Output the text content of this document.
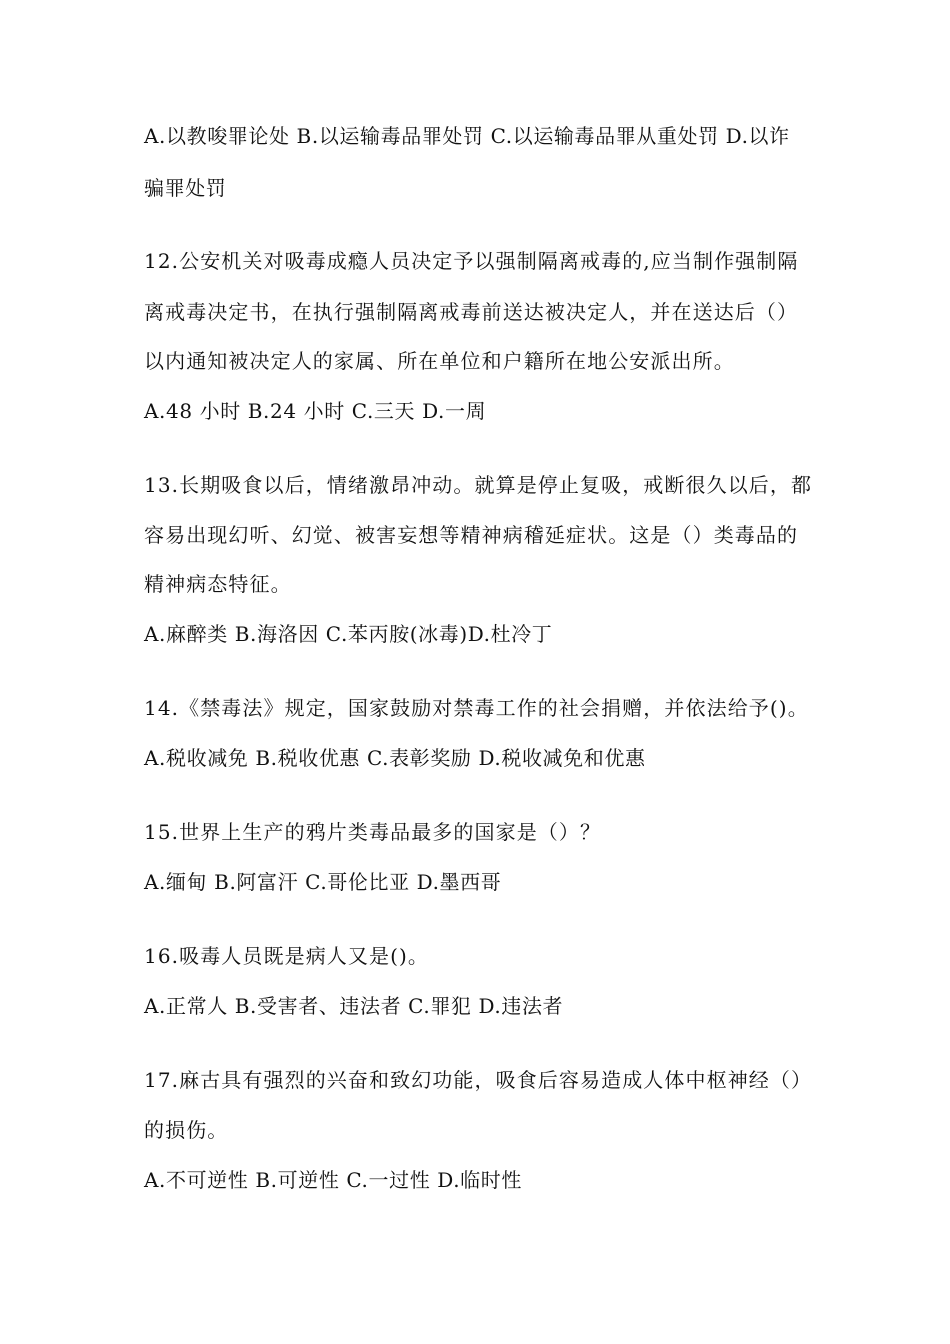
A.以教唆罪论处 B.以运输毒品罪处罚 C.以运输毒品罪从重处罚 D.以诈
骗罪处罚
12.公安机关对吸毒成瘾人员决定予以强制隔离戒毒的,应当制作强制隔
离戒毒决定书，在执行强制隔离戒毒前送达被决定人，并在送达后（）
以内通知被决定人的家属、所在单位和户籍所在地公安派出所。
A.48 小时 B.24 小时 C.三天 D.一周
13.长期吸食以后，情绪激昂冲动。就算是停止复吸，戒断很久以后，都
容易出现幻听、幻觉、被害妄想等精神病稽延症状。这是（）类毒品的
精神病态特征。
A.麻醉类 B.海洛因 C.苯丙胺(冰毒)D.杜冷丁
14.《禁毒法》规定，国家鼓励对禁毒工作的社会捐赠，并依法给予()。
A.税收减免 B.税收优惠 C.表彰奖励 D.税收减免和优惠
15.世界上生产的鸦片类毒品最多的国家是（）？
A.缅甸 B.阿富汗 C.哥伦比亚 D.墨西哥
16.吸毒人员既是病人又是()。
A.正常人 B.受害者、违法者 C.罪犯 D.违法者
17.麻古具有强烈的兴奋和致幻功能，吸食后容易造成人体中枢神经（）
的损伤。
A.不可逆性 B.可逆性 C.一过性 D.临时性
